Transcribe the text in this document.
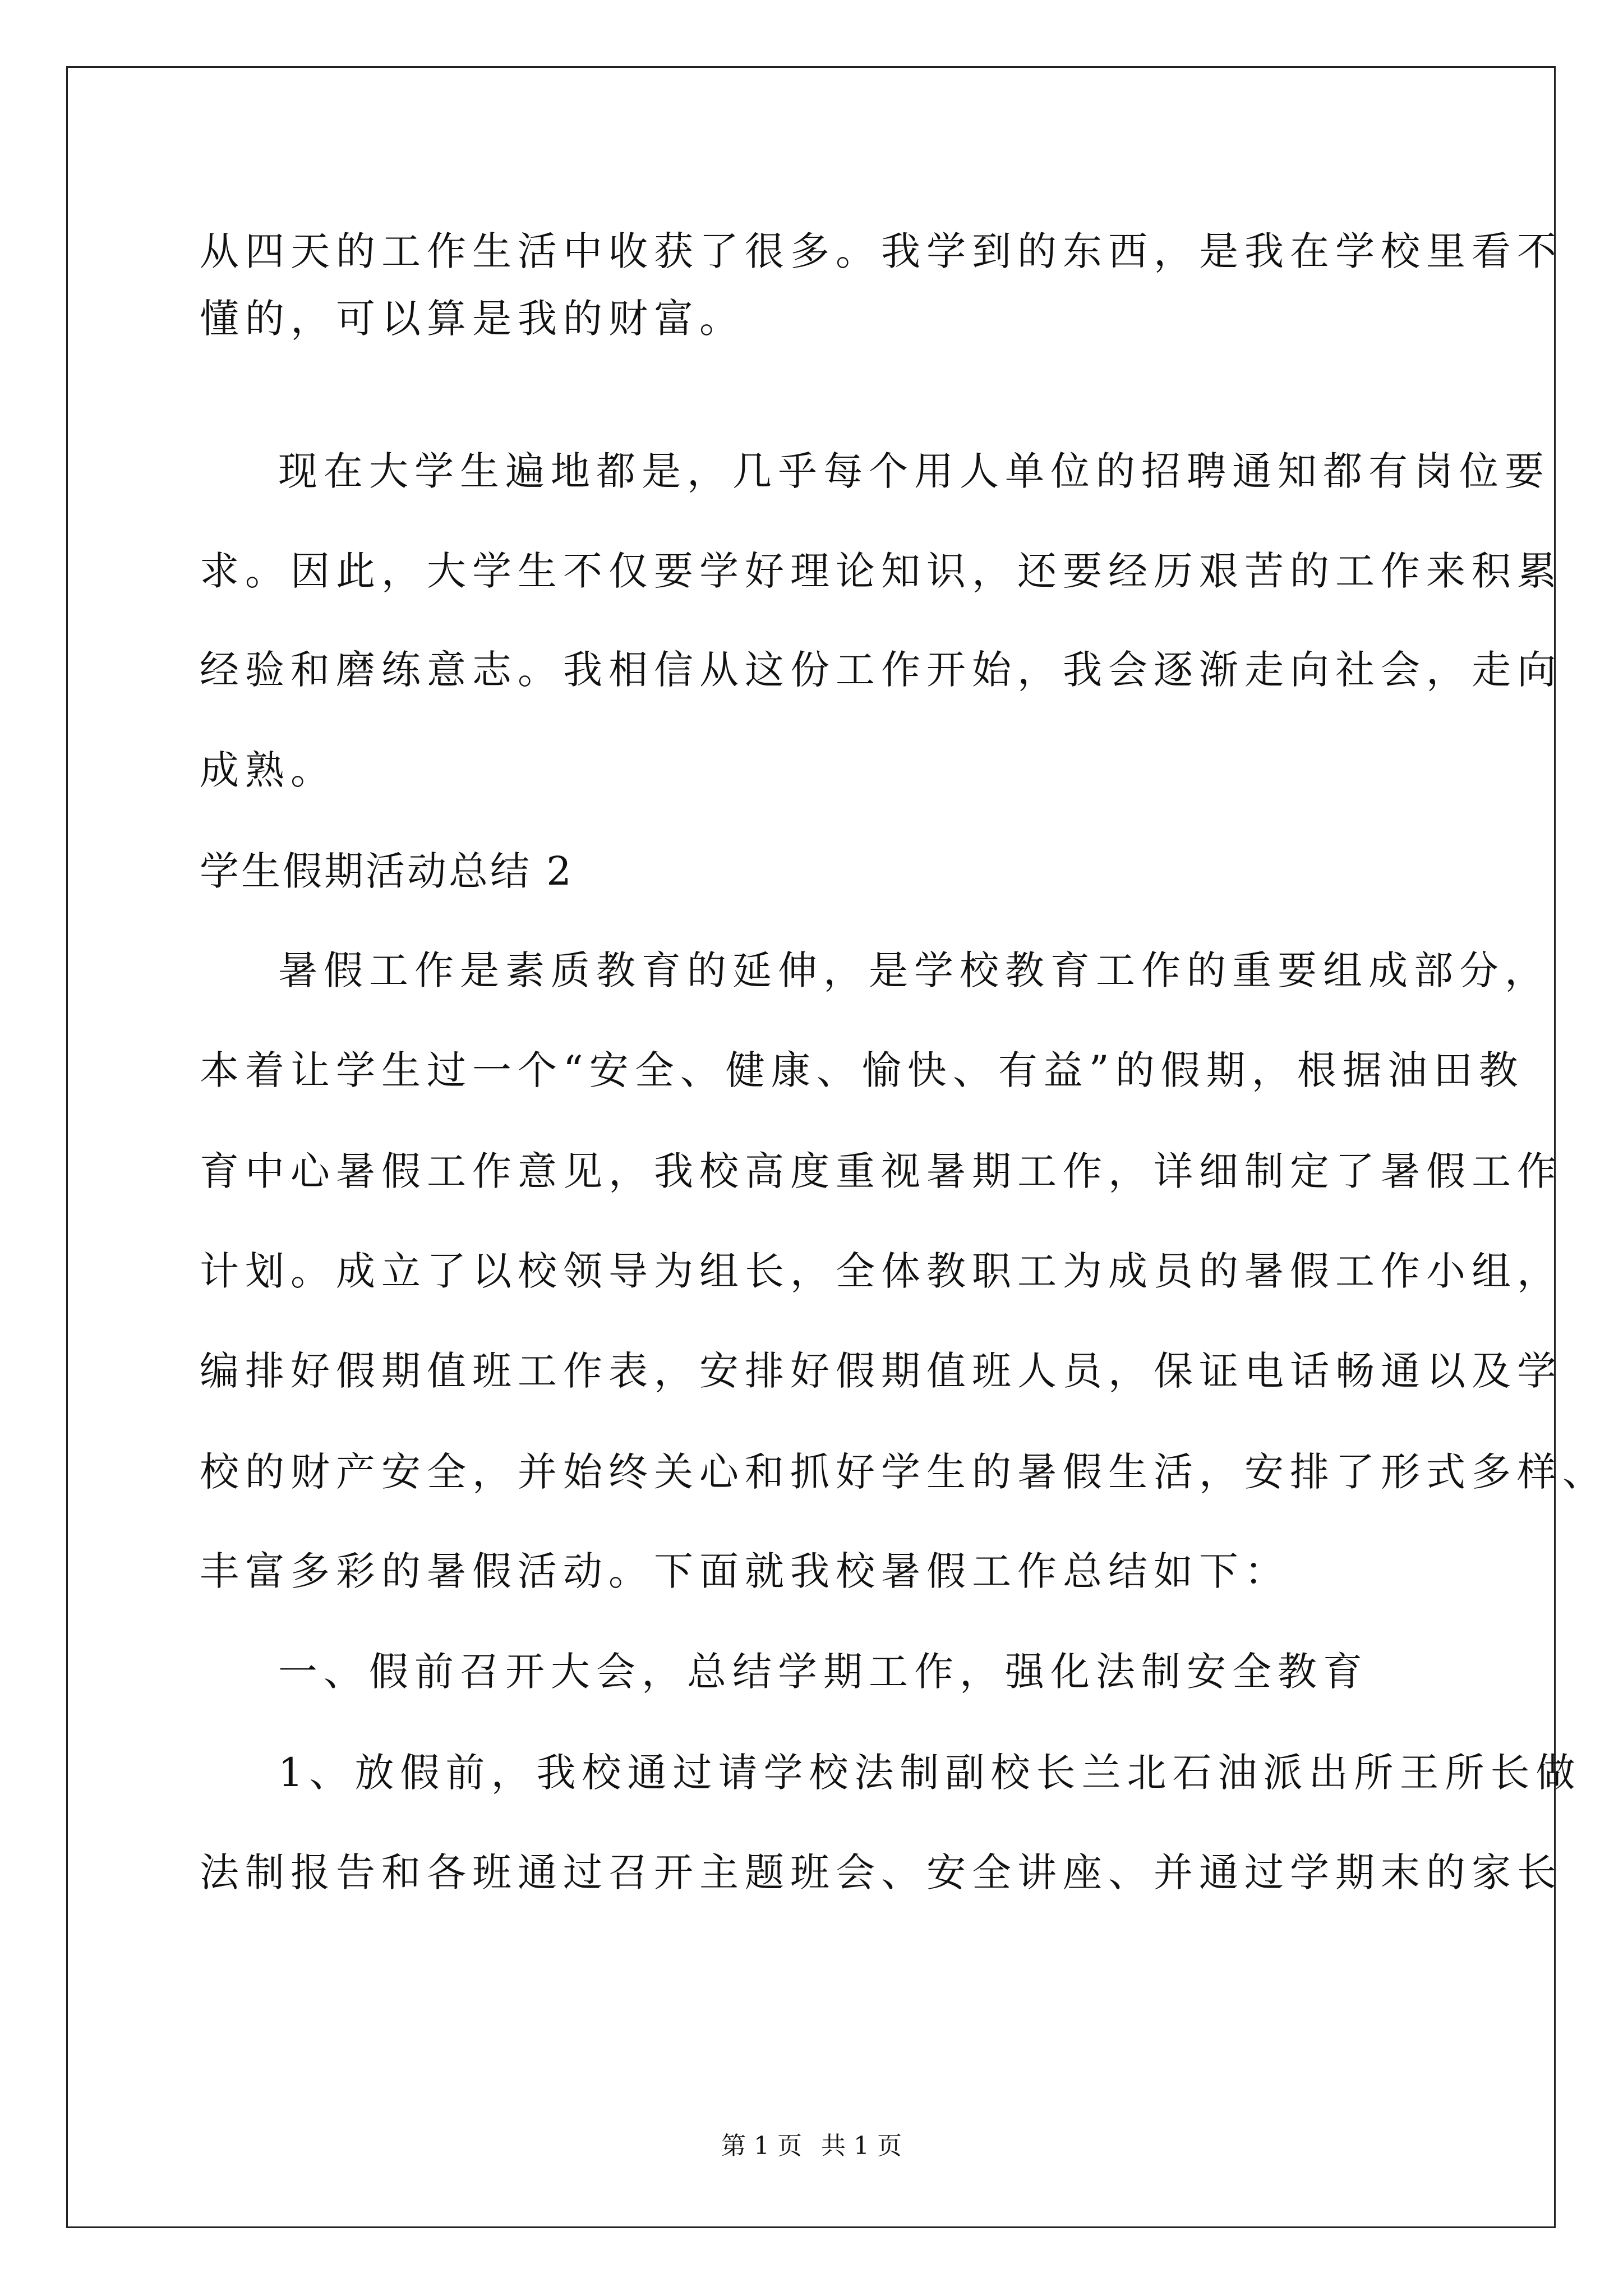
从四天的工作生活中收获了很多。我学到的东西，是我在学校里看不
懂的，可以算是我的财富。
现在大学生遍地都是，几乎每个用人单位的招聘通知都有岗位要
求。因此，大学生不仅要学好理论知识，还要经历艰苦的工作来积累
经验和磨练意志。我相信从这份工作开始，我会逐渐走向社会，走向
成熟。
学生假期活动总结 2
暑假工作是素质教育的延伸，是学校教育工作的重要组成部分，
本着让学生过一个“安全、健康、愉快、有益”的假期，根据油田教
育中心暑假工作意见，我校高度重视暑期工作，详细制定了暑假工作
计划。成立了以校领导为组长，全体教职工为成员的暑假工作小组，
编排好假期值班工作表，安排好假期值班人员，保证电话畅通以及学
校的财产安全，并始终关心和抓好学生的暑假生活，安排了形式多样、
丰富多彩的暑假活动。下面就我校暑假工作总结如下：
一、假前召开大会，总结学期工作，强化法制安全教育
1、放假前，我校通过请学校法制副校长兰北石油派出所王所长做
法制报告和各班通过召开主题班会、安全讲座、并通过学期末的家长
第 1 页 共 1 页
